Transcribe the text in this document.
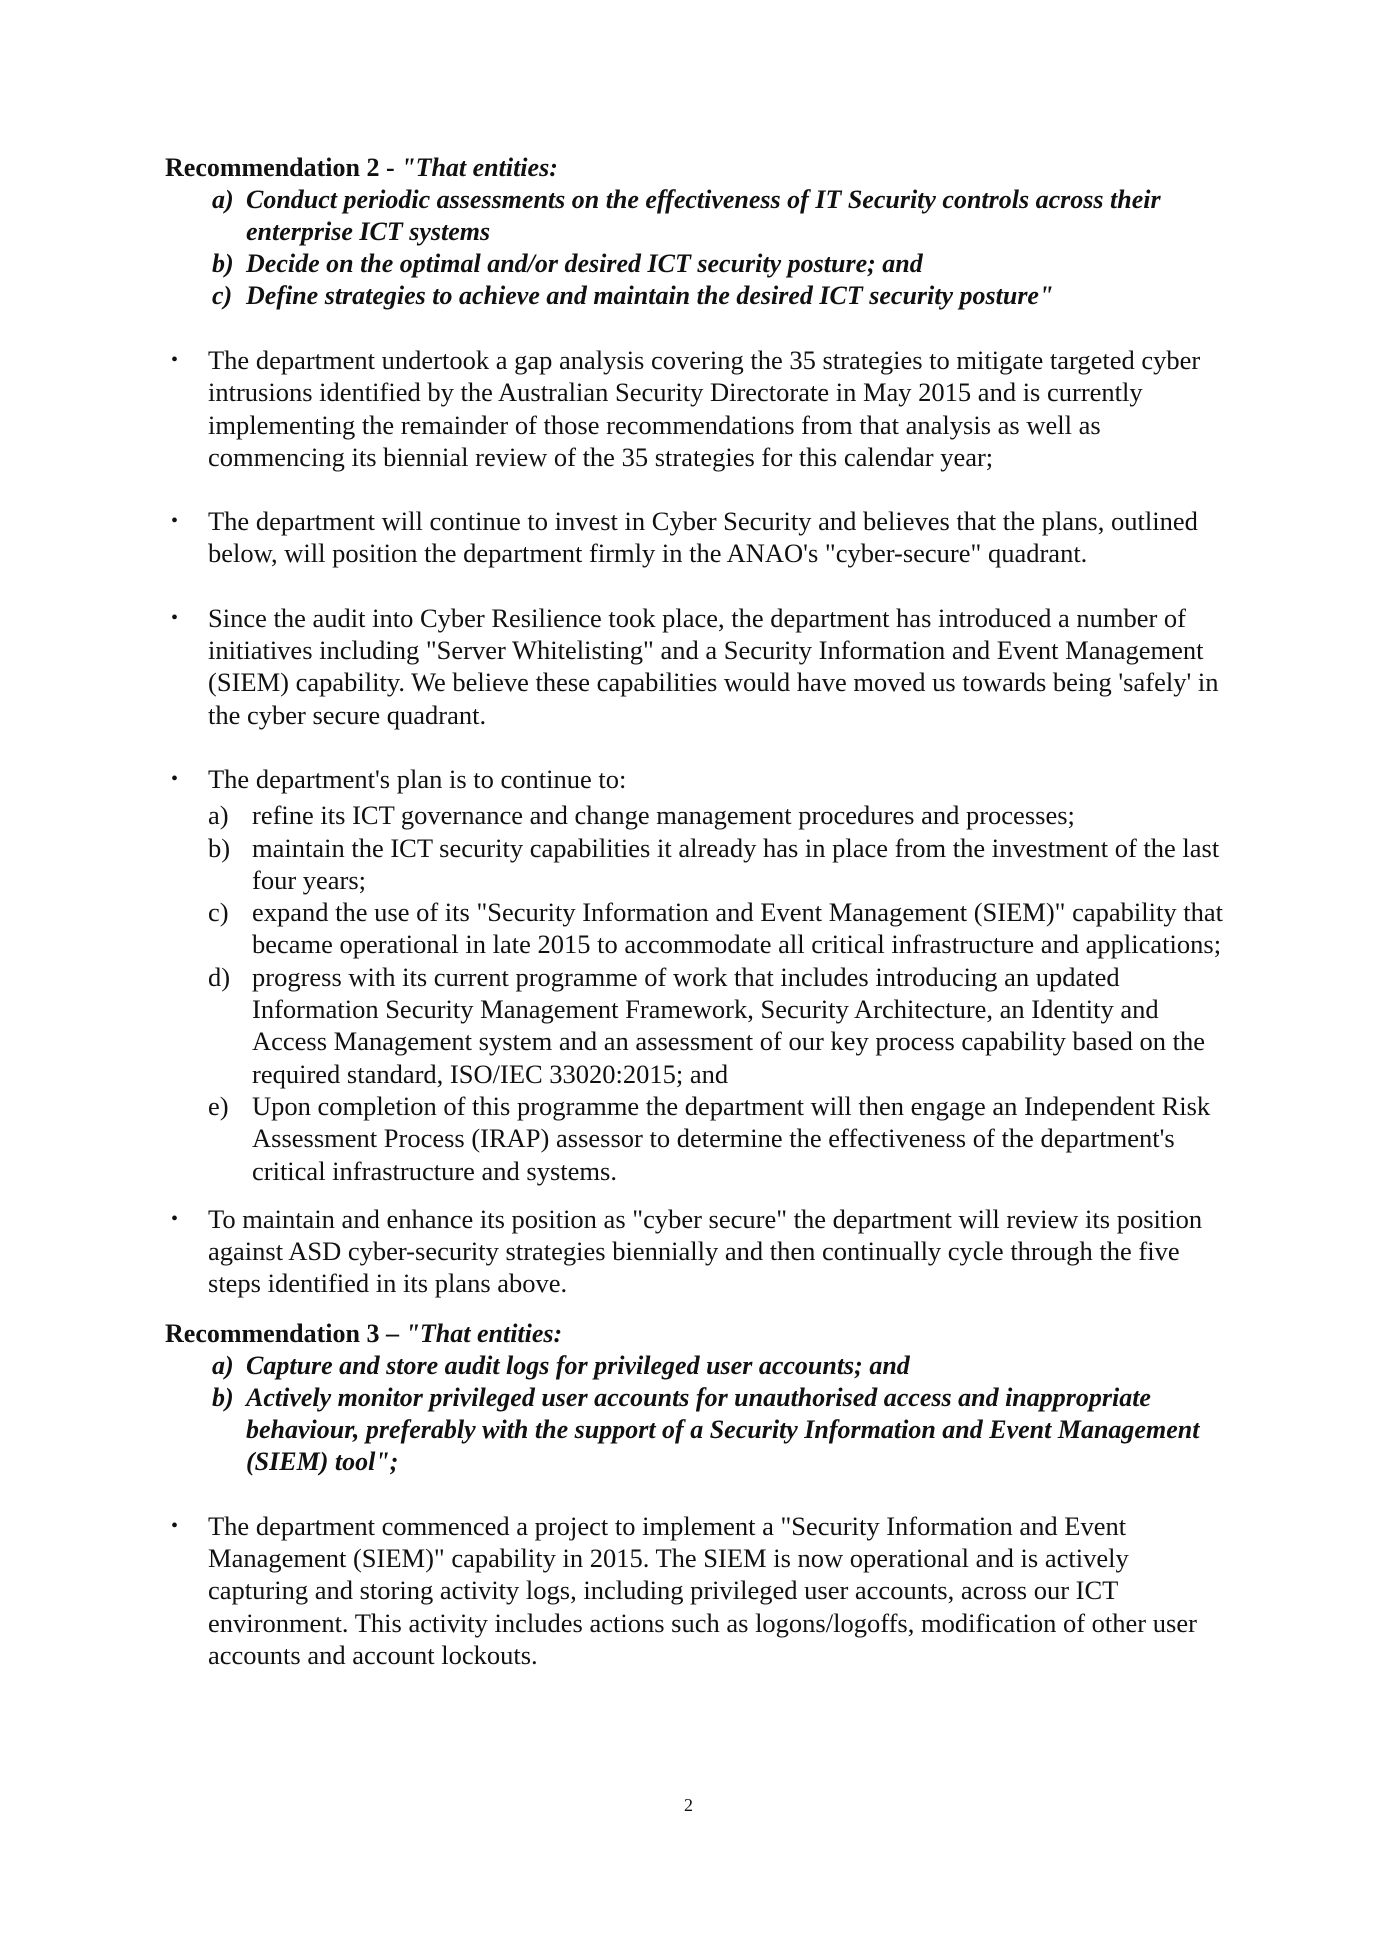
Recommendation 2 - "That entities:

a) Conduct periodic assessments on the effectiveness of IT Security controls across their enterprise ICT systems
b) Decide on the optimal and/or desired ICT security posture; and
c) Define strategies to achieve and maintain the desired ICT security posture"

• The department undertook a gap analysis covering the 35 strategies to mitigate targeted cyber intrusions identified by the Australian Security Directorate in May 2015 and is currently implementing the remainder of those recommendations from that analysis as well as commencing its biennial review of the 35 strategies for this calendar year;

• The department will continue to invest in Cyber Security and believes that the plans, outlined below, will position the department firmly in the ANAO's "cyber-secure" quadrant.

• Since the audit into Cyber Resilience took place, the department has introduced a number of initiatives including "Server Whitelisting" and a Security Information and Event Management (SIEM) capability. We believe these capabilities would have moved us towards being 'safely' in the cyber secure quadrant.

• The department's plan is to continue to:

a) refine its ICT governance and change management procedures and processes;
b) maintain the ICT security capabilities it already has in place from the investment of the last four years;
c) expand the use of its "Security Information and Event Management (SIEM)" capability that became operational in late 2015 to accommodate all critical infrastructure and applications;
d) progress with its current programme of work that includes introducing an updated Information Security Management Framework, Security Architecture, an Identity and Access Management system and an assessment of our key process capability based on the required standard, ISO/IEC 33020:2015; and
e) Upon completion of this programme the department will then engage an Independent Risk Assessment Process (IRAP) assessor to determine the effectiveness of the department's critical infrastructure and systems.

• To maintain and enhance its position as "cyber secure" the department will review its position against ASD cyber-security strategies biennially and then continually cycle through the five steps identified in its plans above.

Recommendation 3 – "That entities:

a) Capture and store audit logs for privileged user accounts; and
b) Actively monitor privileged user accounts for unauthorised access and inappropriate behaviour, preferably with the support of a Security Information and Event Management (SIEM) tool";

• The department commenced a project to implement a "Security Information and Event Management (SIEM)" capability in 2015. The SIEM is now operational and is actively capturing and storing activity logs, including privileged user accounts, across our ICT environment. This activity includes actions such as logons/logoffs, modification of other user accounts and account lockouts.

2
